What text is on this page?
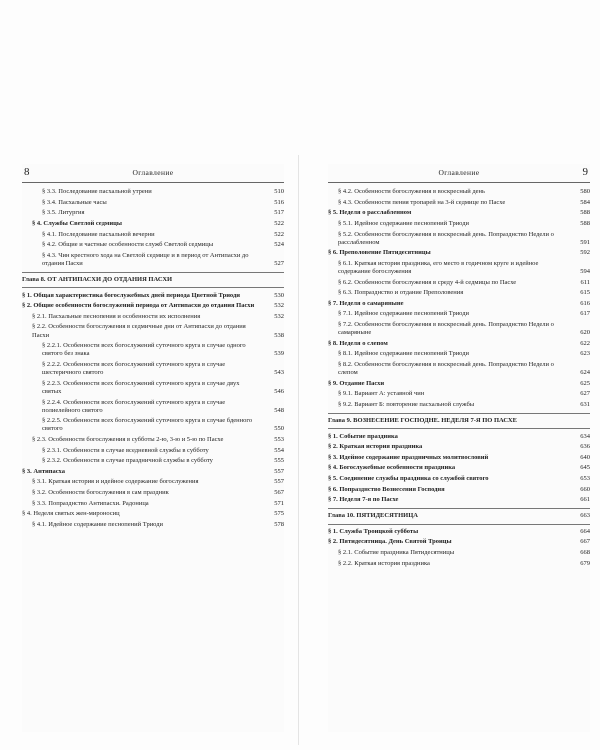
8	Оглавление
§ 3.3. Последование пасхальной утрени	510
§ 3.4. Пасхальные часы	516
§ 3.5. Литургия	517
§ 4. Службы Светлой седмицы	522
§ 4.1. Последование пасхальной вечерни	522
§ 4.2. Общие и частные особенности служб Светлой седмицы	524
§ 4.3. Чин крестного хода на Светлой седмице и в период от Антипасхи до отдания Пасхи	527
Глава 8. ОТ АНТИПАСХИ ДО ОТДАНИЯ ПАСХИ
§ 1. Общая характеристика богослужебных дней периода Цветной Триоди	530
§ 2. Общие особенности богослужений периода от Антипасхи до отдания Пасхи	532
§ 2.1. Пасхальные песнопения и особенности их исполнения	532
§ 2.2. Особенности богослужения в седмичные дни от Антипасхи до отдания Пасхи	538
§ 2.2.1. Особенности всех богослужений суточного круга в случае одного святого без знака	539
§ 2.2.2. Особенности всех богослужений суточного круга в случае шестеричного святого	543
§ 2.2.3. Особенности всех богослужений суточного круга в случае двух святых	546
§ 2.2.4. Особенности всех богослужений суточного круга в случае полиелейного святого	548
§ 2.2.5. Особенности всех богослужений суточного круга в случае бденного святого	550
§ 2.3. Особенности богослужения в субботы 2-ю, 3-ю и 5-ю по Пасхе	553
§ 2.3.1. Особенности в случае вседневной службы в субботу	554
§ 2.3.2. Особенности в случае праздничной службы в субботу	555
§ 3. Антипасха	557
§ 3.1. Краткая история и идейное содержание богослужения	557
§ 3.2. Особенности богослужения в сам праздник	567
§ 3.3. Попразднство Антипасхи. Радоница	571
§ 4. Неделя святых жен-мироносиц	575
§ 4.1. Идейное содержание песнопений Триоди	578
Оглавление	9
§ 4.2. Особенности богослужения в воскресный день	580
§ 4.3. Особенности пения тропарей на 3-й седмице по Пасхе	584
§ 5. Неделя о расслабленном	588
§ 5.1. Идейное содержание песнопений Триоди	588
§ 5.2. Особенности богослужения в воскресный день. Попразднство Недели о расслабленном	591
§ 6. Преполовение Пятидесятницы	592
§ 6.1. Краткая история праздника, его место в годичном круге и идейное содержание богослужения	594
§ 6.2. Особенности богослужения в среду 4-й седмицы по Пасхе	611
§ 6.3. Попразднство и отдание Преполовения	615
§ 7. Неделя о самаряныне	616
§ 7.1. Идейное содержание песнопений Триоди	617
§ 7.2. Особенности богослужения в воскресный день. Попразднство Недели о самаряныне	620
§ 8. Неделя о слепом	622
§ 8.1. Идейное содержание песнопений Триоди	623
§ 8.2. Особенности богослужения в воскресный день. Попразднство Недели о слепом	624
§ 9. Отдание Пасхи	625
§ 9.1. Вариант А: уставной чин	627
§ 9.2. Вариант Б: повторение пасхальной службы	631
Глава 9. ВОЗНЕСЕНИЕ ГОСПОДНЕ. НЕДЕЛЯ 7-Я ПО ПАСХЕ
§ 1. Событие праздника	634
§ 2. Краткая история праздника	636
§ 3. Идейное содержание праздничных молитвословий	640
§ 4. Богослужебные особенности праздника	645
§ 5. Соединение службы праздника со службой святого	653
§ 6. Попразднство Вознесения Господня	660
§ 7. Неделя 7-я по Пасхе	661
Глава 10. ПЯТИДЕСЯТНИЦА	663
§ 1. Служба Троицкой субботы	664
§ 2. Пятидесятница. День Святой Троицы	667
§ 2.1. Событие праздника Пятидесятницы	668
§ 2.2. Краткая история праздника	679
